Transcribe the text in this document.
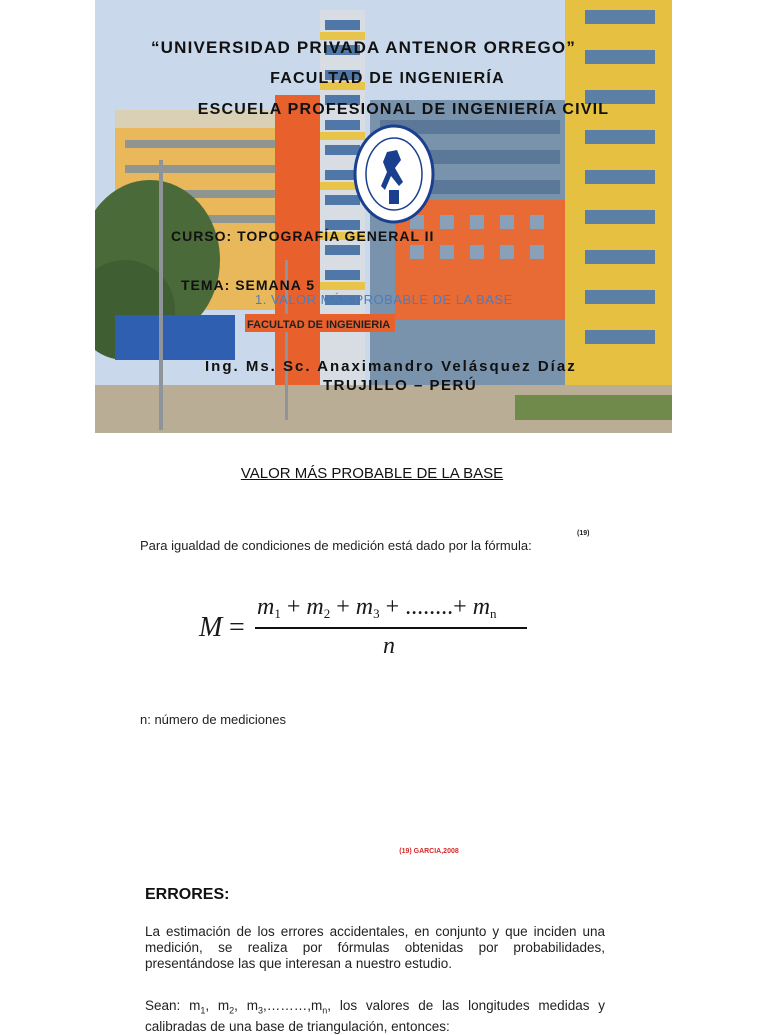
FACULTAD DE INGENIERIA
“UNIVERSIDAD PRIVADA ANTENOR ORREGO”
FACULTAD DE INGENIERÍA
ESCUELA PROFESIONAL DE INGENIERÍA CIVIL
CURSO: TOPOGRAFÍA GENERAL II
TEMA: SEMANA 5
1. VALOR MÁS PROBABLE DE LA BASE
Ing. Ms. Sc. Anaximandro Velásquez Díaz
TRUJILLO – PERÚ
VALOR MÁS PROBABLE DE LA BASE
Para igualdad de condiciones de medición está dado por la fórmula:
(19)
M =
$m_1 + m_2 + m_3$ + ........+ $m_n$
n
n: número de mediciones
(19) GARCIA,2008
ERRORES:
La estimación de los errores accidentales, en conjunto y que inciden una medición, se realiza por fórmulas obtenidas por probabilidades, presentándose las que interesan a nuestro estudio.
Sean: $m_1$, $m_2$, $m_3,\dots\dots\dots,m_n$, los valores de las longitudes medidas y calibradas de una base de triangulación, entonces:
